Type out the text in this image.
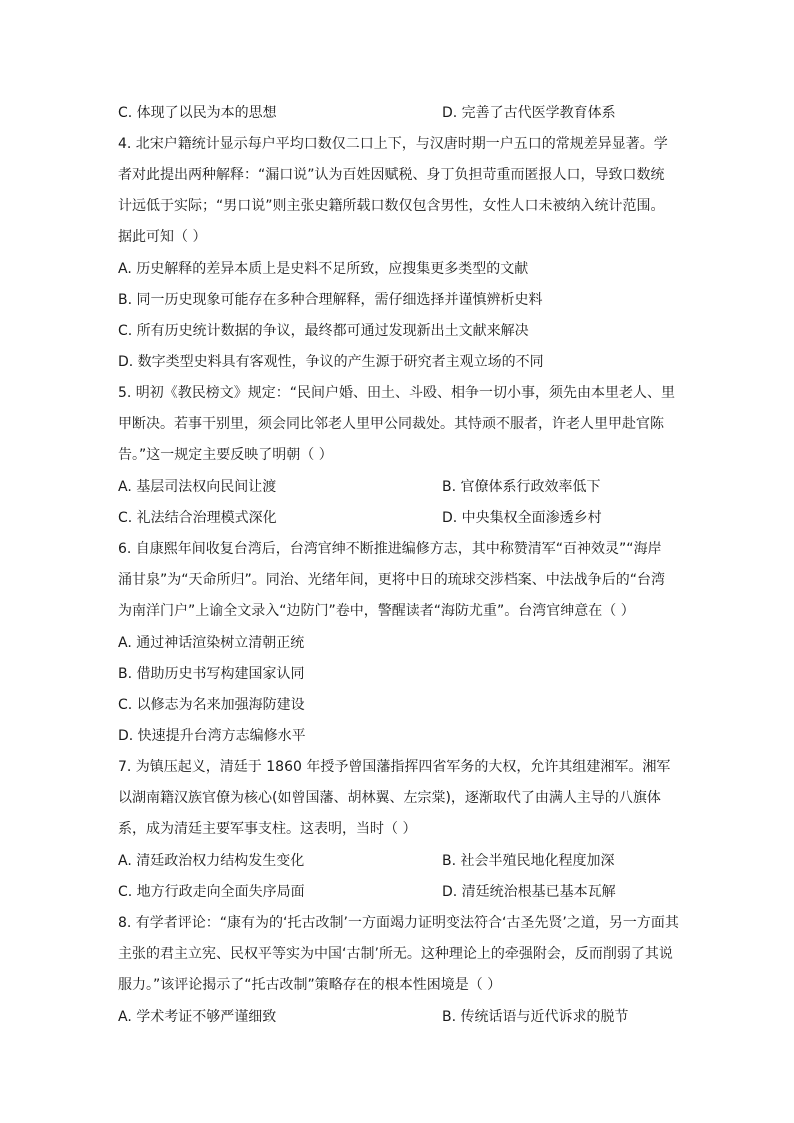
C. 体现了以民为本的思想	D. 完善了古代医学教育体系
4. 北宋户籍统计显示每户平均口数仅二口上下，与汉唐时期一户五口的常规差异显著。学
者对此提出两种解释：“漏口说”认为百姓因赋税、身丁负担苛重而匿报人口，导致口数统
计远低于实际；“男口说”则主张史籍所载口数仅包含男性，女性人口未被纳入统计范围。
据此可知（ ）
A. 历史解释的差异本质上是史料不足所致，应搜集更多类型的文献
B. 同一历史现象可能存在多种合理解释，需仔细选择并谨慎辨析史料
C. 所有历史统计数据的争议，最终都可通过发现新出土文献来解决
D. 数字类型史料具有客观性，争议的产生源于研究者主观立场的不同
5. 明初《教民榜文》规定：“民间户婚、田土、斗殴、相争一切小事，须先由本里老人、里
甲断决。若事干别里，须会同比邻老人里甲公同裁处。其恃顽不服者，许老人里甲赴官陈
告。”这一规定主要反映了明朝（ ）
A. 基层司法权向民间让渡	B. 官僚体系行政效率低下
C. 礼法结合治理模式深化	D. 中央集权全面渗透乡村
6. 自康熙年间收复台湾后，台湾官绅不断推进编修方志，其中称赞清军“百神效灵”“海岸
涌甘泉”为“天命所归”。同治、光绪年间，更将中日的琉球交涉档案、中法战争后的“台湾
为南洋门户”上谕全文录入“边防门”卷中，警醒读者“海防尤重”。台湾官绅意在（ ）
A. 通过神话渲染树立清朝正统
B. 借助历史书写构建国家认同
C. 以修志为名来加强海防建设
D. 快速提升台湾方志编修水平
7. 为镇压起义，清廷于 1860 年授予曾国藩指挥四省军务的大权，允许其组建湘军。湘军
以湖南籍汉族官僚为核心(如曾国藩、胡林翼、左宗棠)，逐渐取代了由满人主导的八旗体
系，成为清廷主要军事支柱。这表明，当时（ ）
A. 清廷政治权力结构发生变化	B. 社会半殖民地化程度加深
C. 地方行政走向全面失序局面	D. 清廷统治根基已基本瓦解
8. 有学者评论：“康有为的‘托古改制’一方面竭力证明变法符合‘古圣先贤’之道，另一方面其
主张的君主立宪、民权平等实为中国‘古制’所无。这种理论上的牵强附会，反而削弱了其说
服力。”该评论揭示了“托古改制”策略存在的根本性困境是（ ）
A. 学术考证不够严谨细致	B. 传统话语与近代诉求的脱节
